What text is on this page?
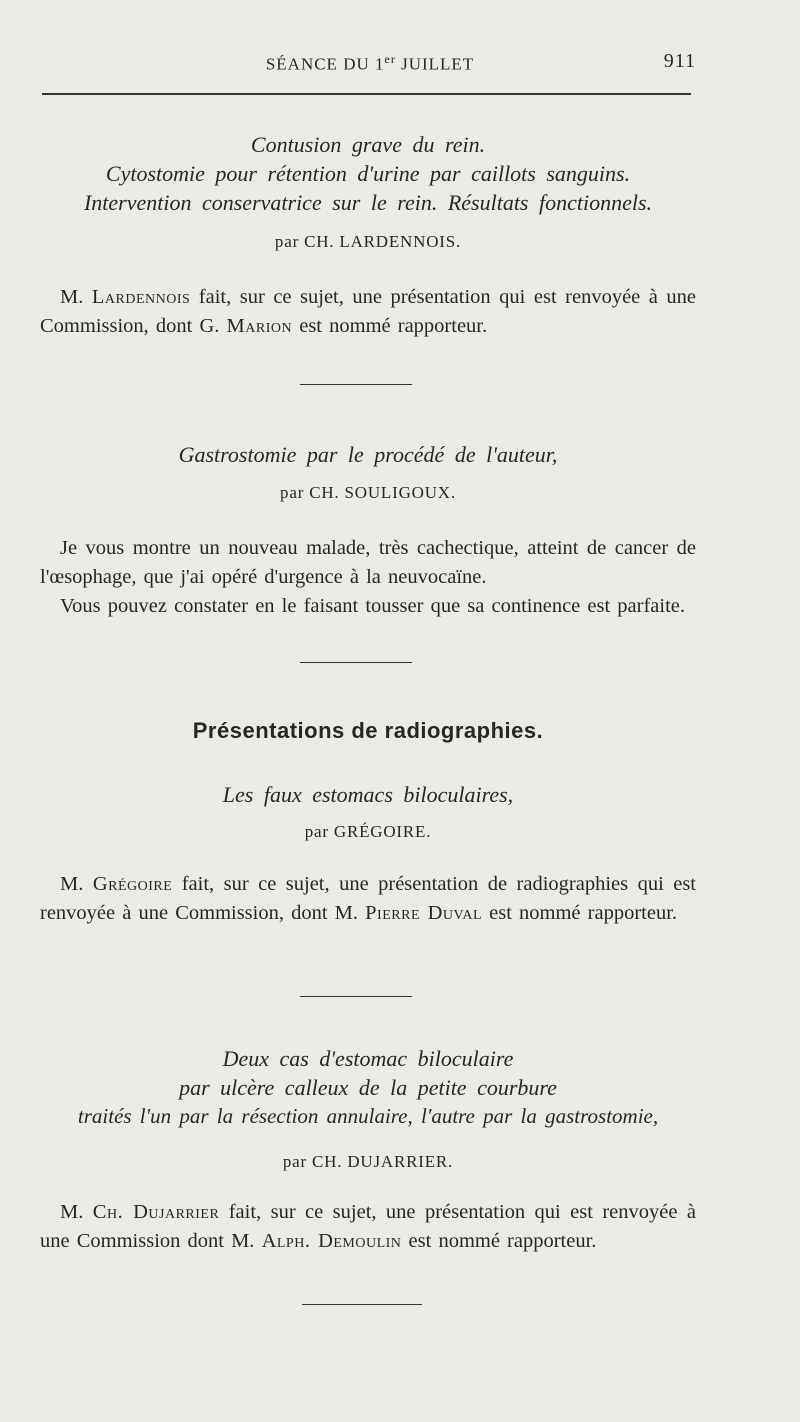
SÉANCE DU 1er JUILLET	911
Contusion grave du rein.
Cytostomie pour rétention d'urine par caillots sanguins.
Intervention conservatrice sur le rein. Résultats fonctionnels.
par CH. LARDENNOIS.

M. Lardennois fait, sur ce sujet, une présentation qui est renvoyée à une Commission, dont G. Marion est nommé rapporteur.

Gastrostomie par le procédé de l'auteur,
par CH. SOULIGOUX.

Je vous montre un nouveau malade, très cachectique, atteint de cancer de l'œsophage, que j'ai opéré d'urgence à la neuvocaïne.

Vous pouvez constater en le faisant tousser que sa continence est parfaite.

Présentations de radiographies.
Les faux estomacs biloculaires,
par GRÉGOIRE.

M. Grégoire fait, sur ce sujet, une présentation de radiographies qui est renvoyée à une Commission, dont M. Pierre Duval est nommé rapporteur.

Deux cas d'estomac biloculaire
par ulcère calleux de la petite courbure
traités l'un par la résection annulaire, l'autre par la gastrostomie,
par CH. DUJARRIER.

M. Ch. Dujarrier fait, sur ce sujet, une présentation qui est renvoyée à une Commission dont M. Alph. Demoulin est nommé rapporteur.
